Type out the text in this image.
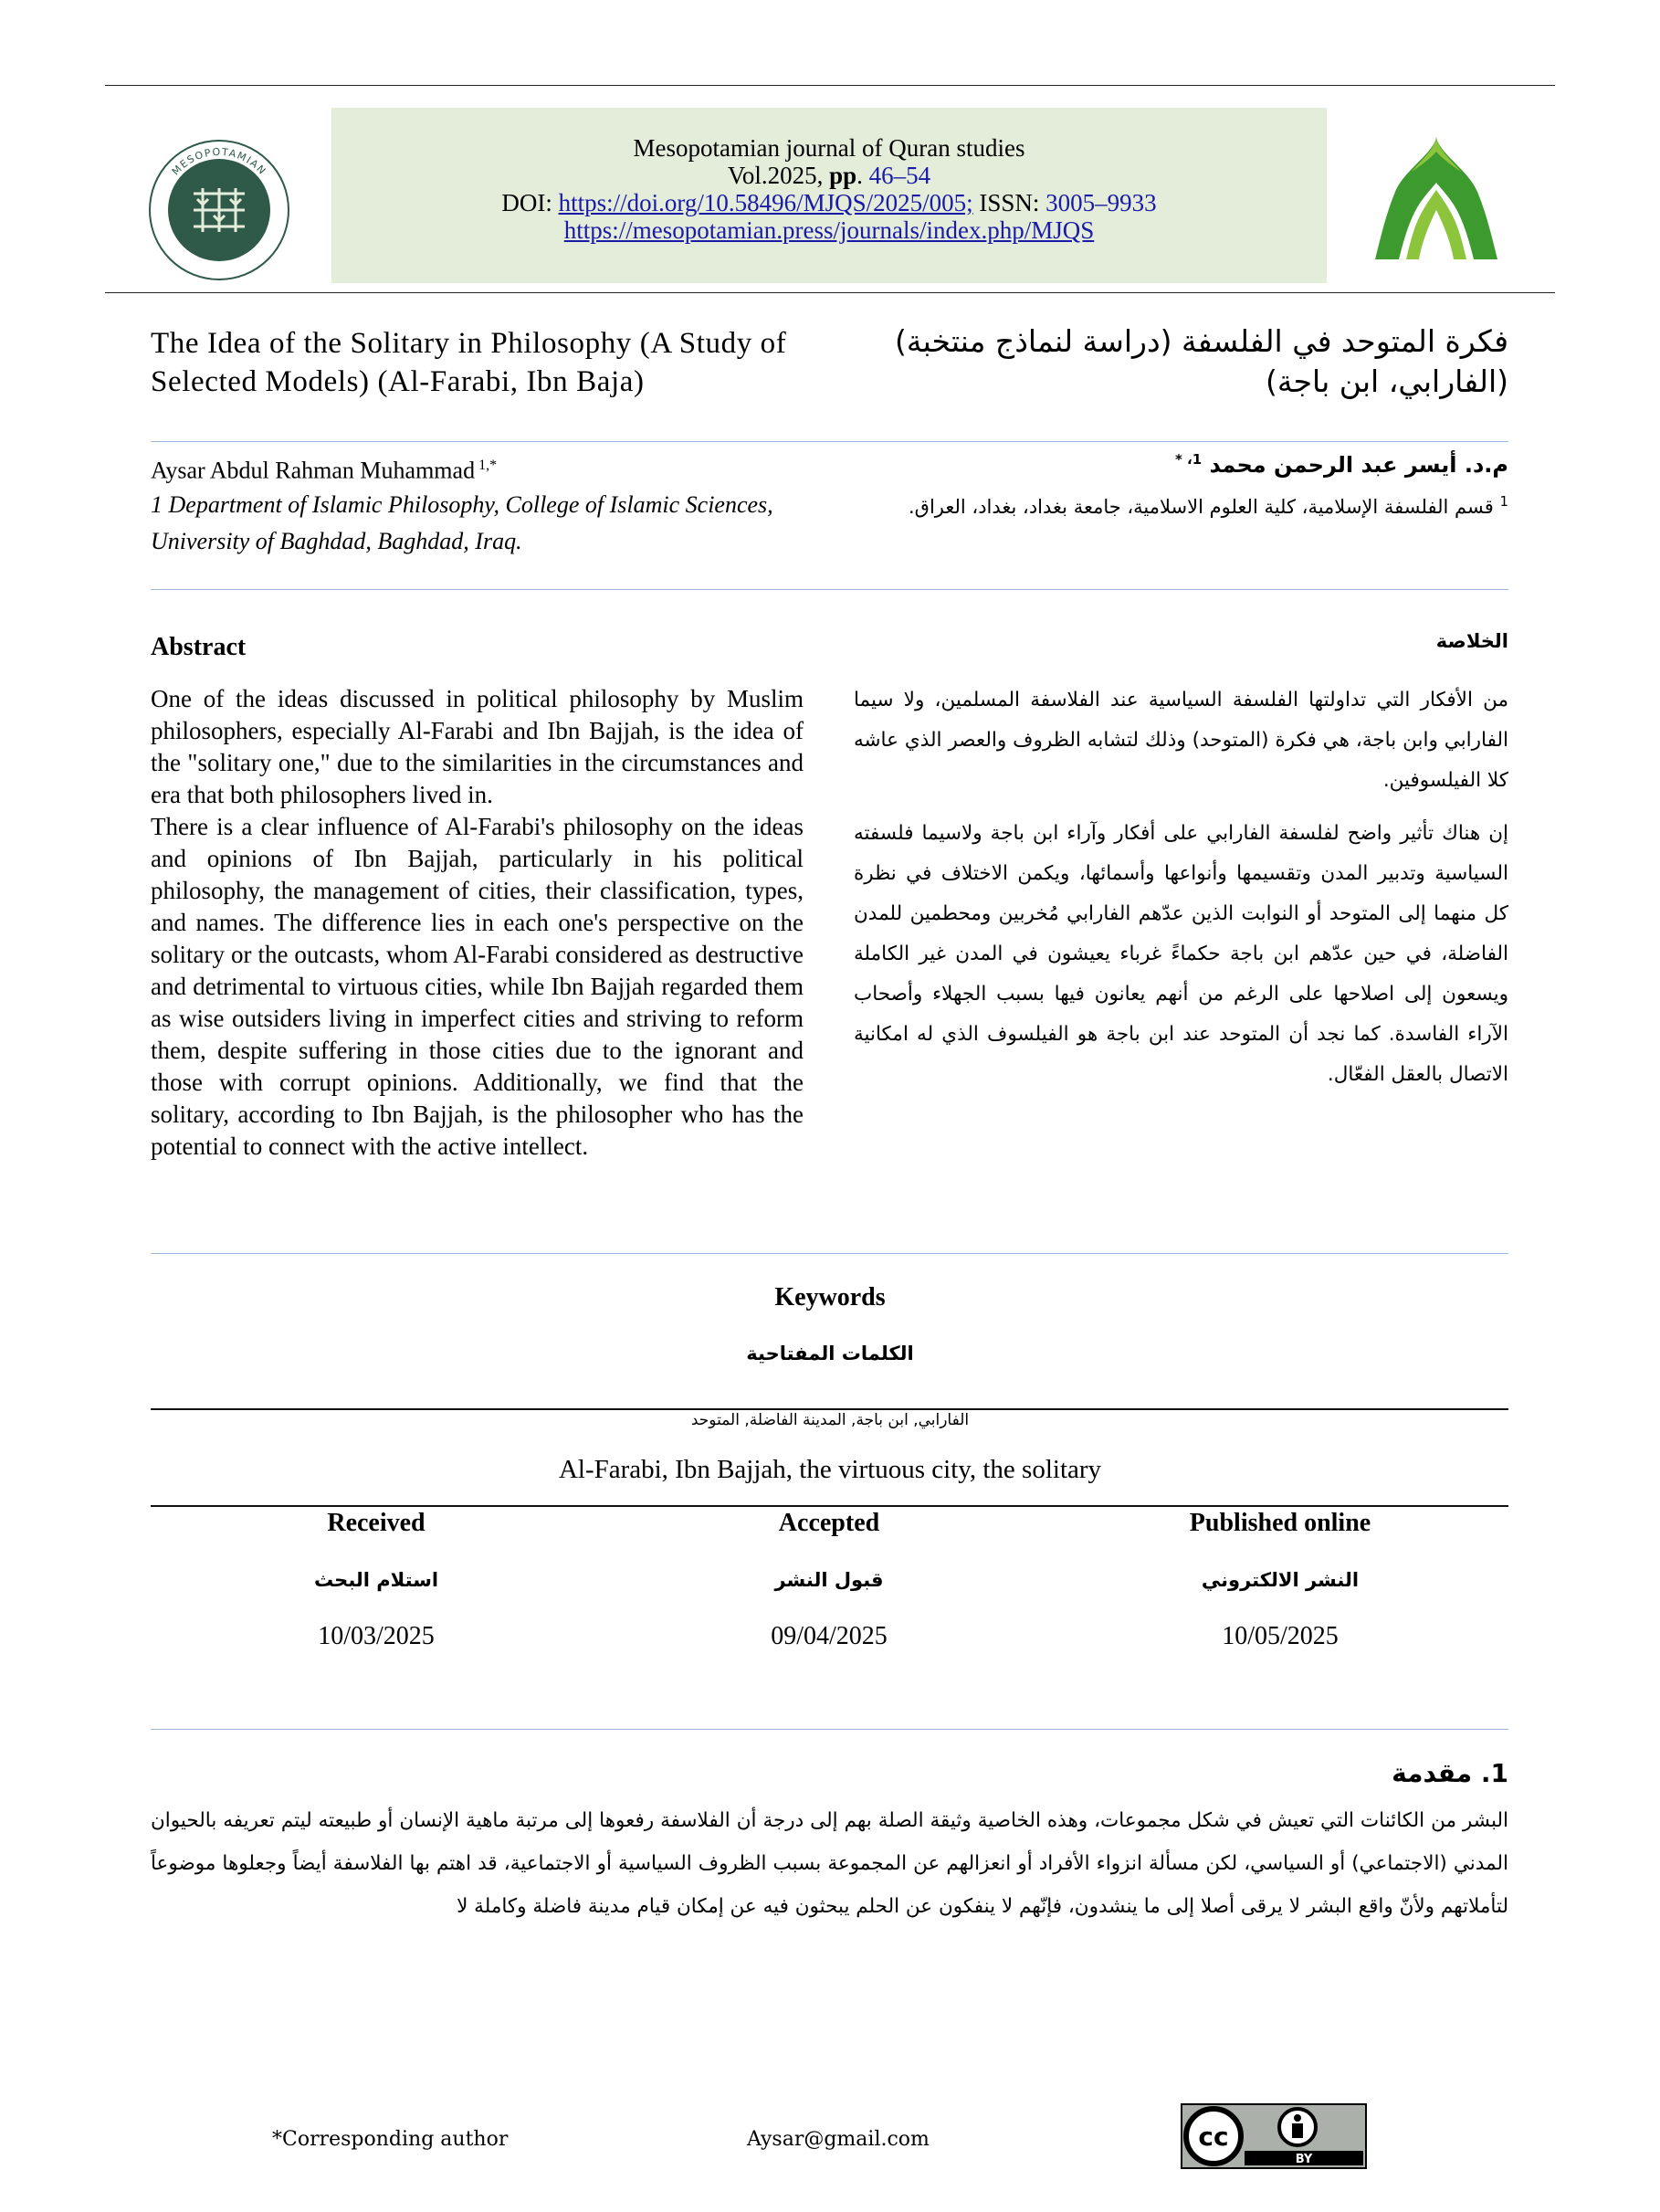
MESOPOTAMIAN
ACADEMIC PRESS
Mesopotamian journal of Quran studies
Vol.2025, pp. 46–54
DOI: https://doi.org/10.58496/MJQS/2025/005; ISSN: 3005–9933
https://mesopotamian.press/journals/index.php/MJQS
The Idea of the Solitary in Philosophy (A Study of Selected Models) (Al-Farabi, Ibn Baja)
فكرة المتوحد في الفلسفة (دراسة لنماذج منتخبة) (الفارابي، ابن باجة)
Aysar Abdul Rahman Muhammad $^{1,*}$
1 Department of Islamic Philosophy, College of Islamic Sciences, University of Baghdad, Baghdad, Iraq.
م.د. أيسر عبد الرحمن محمد $^{1، *}$
$^1$ قسم الفلسفة الإسلامية، كلية العلوم الاسلامية، جامعة بغداد، بغداد، العراق.
Abstract

One of the ideas discussed in political philosophy by Muslim philosophers, especially Al-Farabi and Ibn Bajjah, is the idea of the "solitary one," due to the similarities in the circumstances and era that both philosophers lived in.

There is a clear influence of Al-Farabi's philosophy on the ideas and opinions of Ibn Bajjah, particularly in his political philosophy, the management of cities, their classification, types, and names. The difference lies in each one's perspective on the solitary or the outcasts, whom Al-Farabi considered as destructive and detrimental to virtuous cities, while Ibn Bajjah regarded them as wise outsiders living in imperfect cities and striving to reform them, despite suffering in those cities due to the ignorant and those with corrupt opinions. Additionally, we find that the solitary, according to Ibn Bajjah, is the philosopher who has the potential to connect with the active intellect.

الخلاصة

من الأفكار التي تداولتها الفلسفة السياسية عند الفلاسفة المسلمين، ولا سيما الفارابي وابن باجة، هي فكرة (المتوحد) وذلك لتشابه الظروف والعصر الذي عاشه كلا الفيلسوفين.

إن هناك تأثير واضح لفلسفة الفارابي على أفكار وآراء ابن باجة ولاسيما فلسفته السياسية وتدبير المدن وتقسيمها وأنواعها وأسمائها، ويكمن الاختلاف في نظرة كل منهما إلى المتوحد أو النوابت الذين عدّهم الفارابي مُخربين ومحطمين للمدن الفاضلة، في حين عدّهم ابن باجة حكماءً غرباء يعيشون في المدن غير الكاملة ويسعون إلى اصلاحها على الرغم من أنهم يعانون فيها بسبب الجهلاء وأصحاب الآراء الفاسدة. كما نجد أن المتوحد عند ابن باجة هو الفيلسوف الذي له امكانية الاتصال بالعقل الفعّال.

Keywords
الكلمات المفتاحية
الفارابي, ابن باجة, المدينة الفاضلة, المتوحد
Al-Farabi, Ibn Bajjah, the virtuous city, the solitary
Received
استلام البحث
10/03/2025
Accepted
قبول النشر
09/04/2025
Published online
النشر الالكتروني
10/05/2025
1. مقدمة
البشر من الكائنات التي تعيش في شكل مجموعات، وهذه الخاصية وثيقة الصلة بهم إلى درجة أن الفلاسفة رفعوها إلى مرتبة ماهية الإنسان أو طبيعته ليتم تعريفه بالحيوان المدني (الاجتماعي) أو السياسي، لكن مسألة انزواء الأفراد أو انعزالهم عن المجموعة بسبب الظروف السياسية أو الاجتماعية، قد اهتم بها الفلاسفة أيضاً وجعلوها موضوعاً لتأملاتهم ولأنّ واقع البشر لا يرقى أصلا إلى ما ينشدون، فإنّهم لا ينفكون عن الحلم يبحثون فيه عن إمكان قيام مدينة فاضلة وكاملة لا
*Corresponding author	Aysar@gmail.com	cc
BY
